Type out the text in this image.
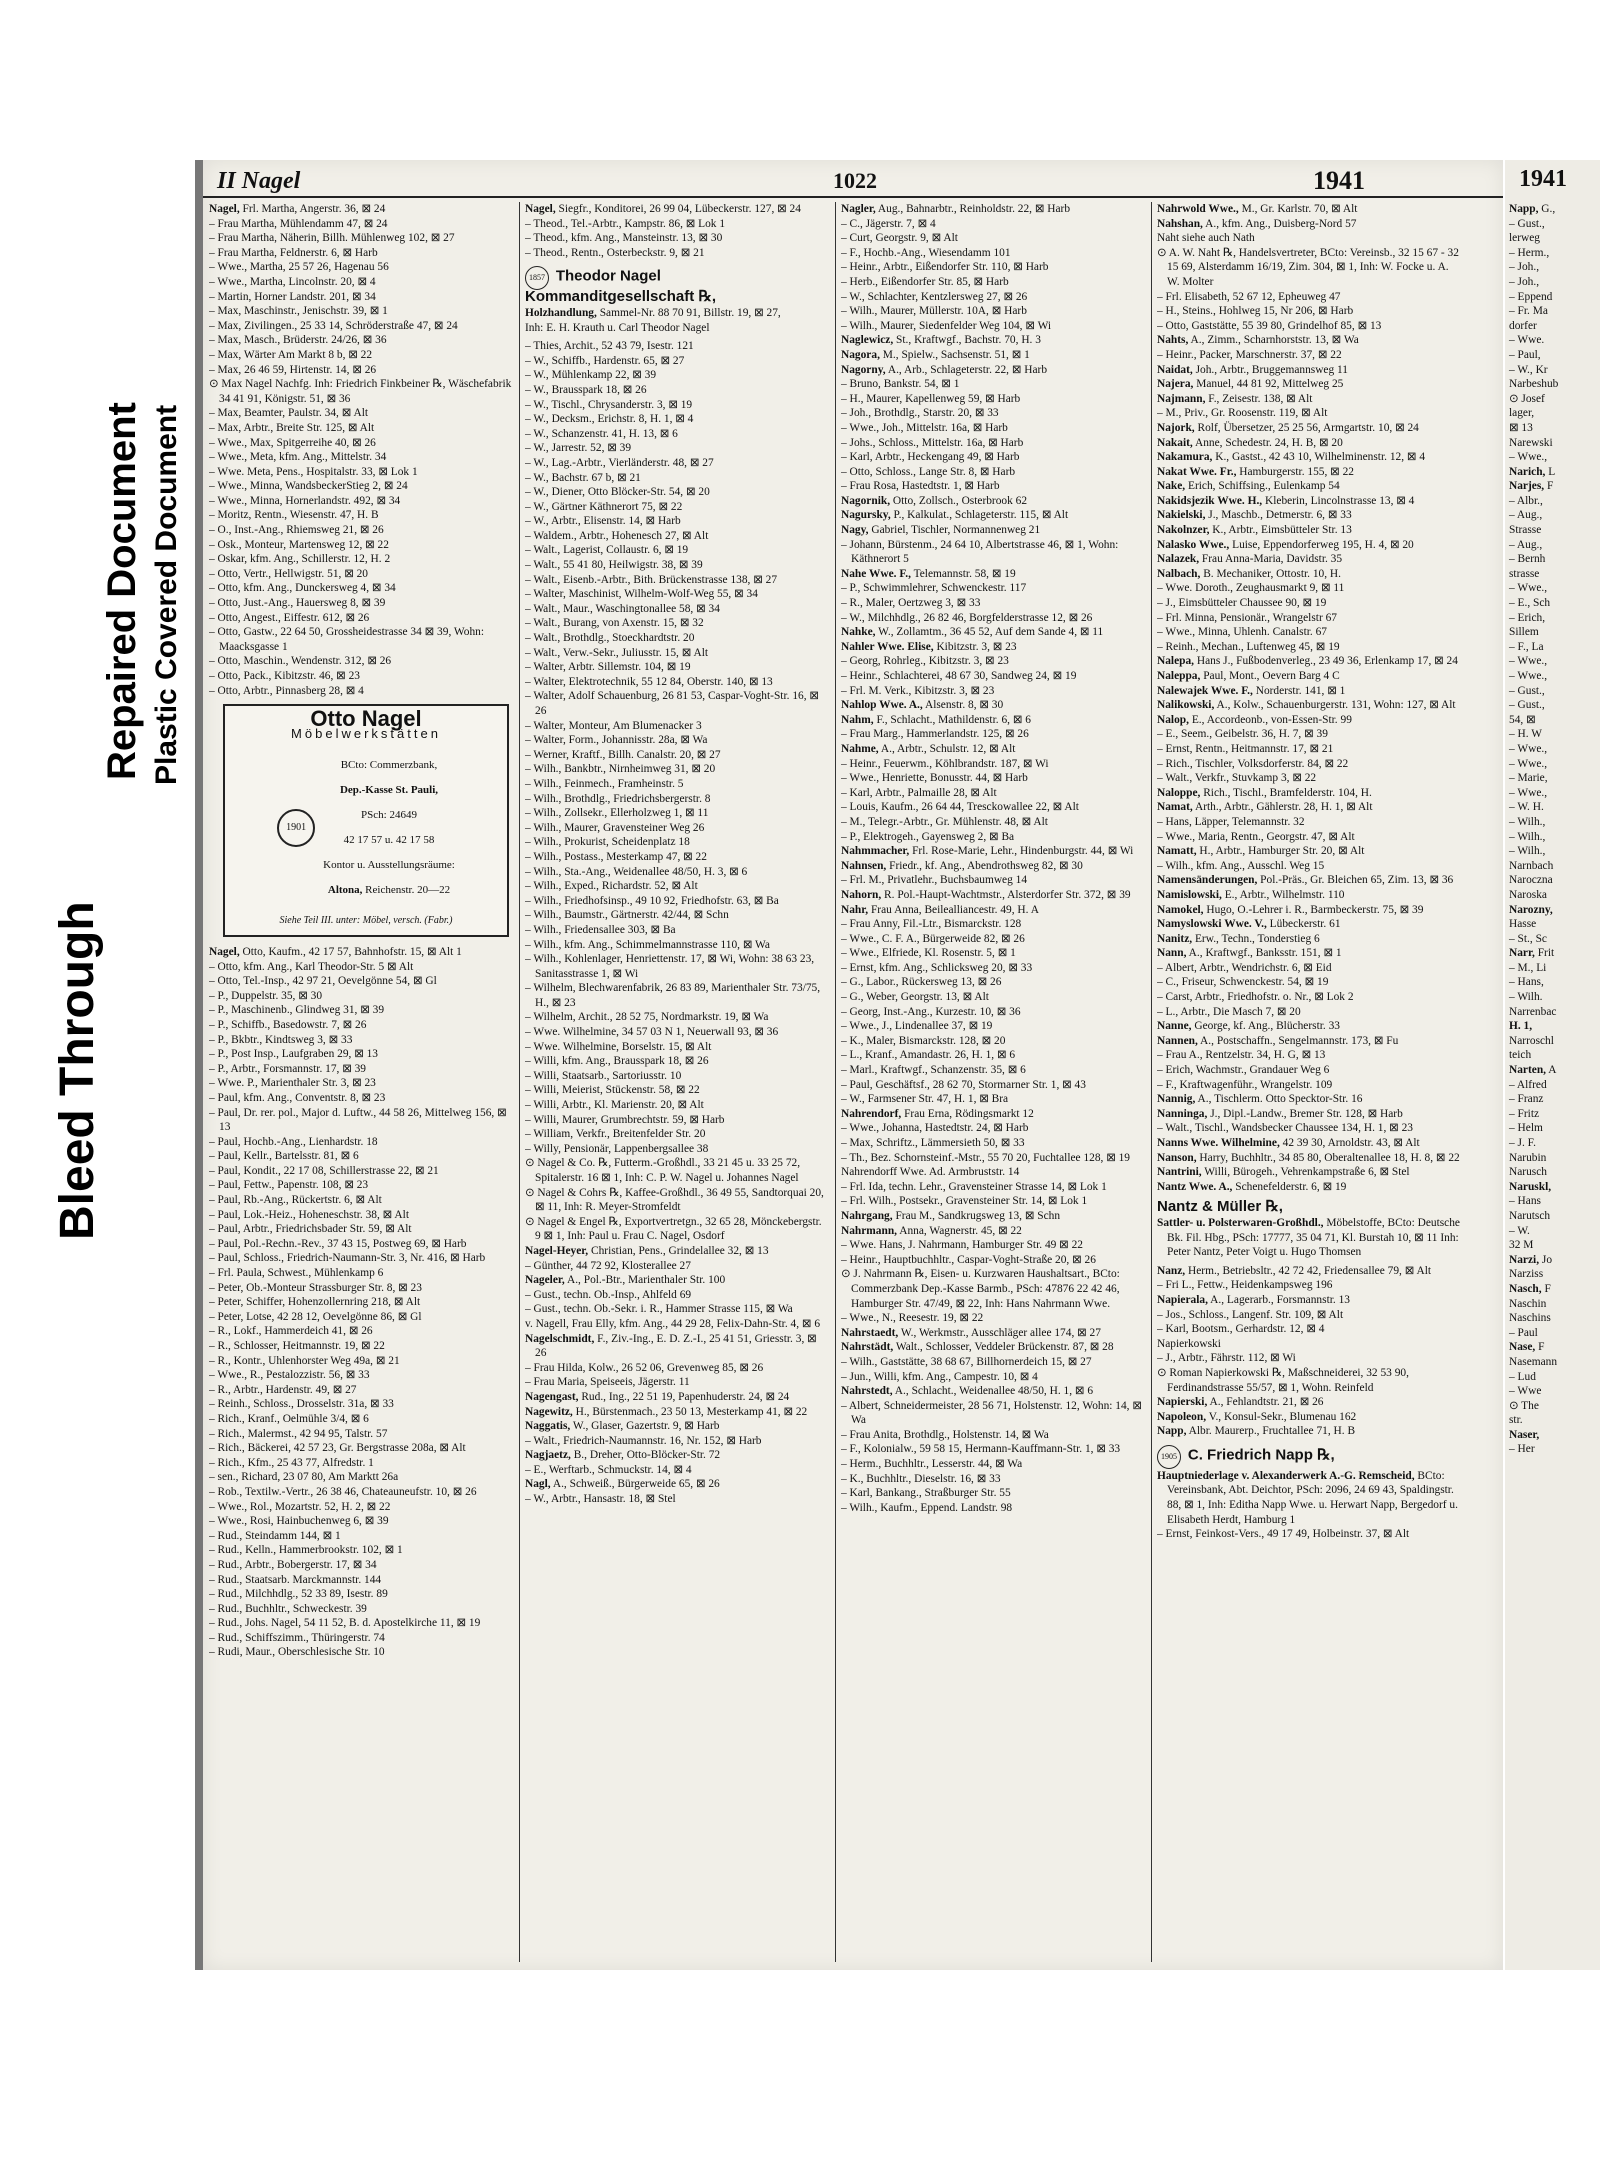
Bleed Through
Repaired Document Plastic Covered Document
II Nagel	1022	1941

Nagel, Frl. Martha, Angerstr. 36, ⊠ 24

– Frau Martha, Mühlendamm 47, ⊠ 24

– Frau Martha, Näherin, Billh. Mühlenweg 102, ⊠ 27

– Frau Martha, Feldnerstr. 6, ⊠ Harb

– Wwe., Martha, 25 57 26, Hagenau 56

– Wwe., Martha, Lincolnstr. 20, ⊠ 4

– Martin, Horner Landstr. 201, ⊠ 34

– Max, Maschinstr., Jenischstr. 39, ⊠ 1

– Max, Zivilingen., 25 33 14, Schröderstraße 47, ⊠ 24

– Max, Masch., Brüderstr. 24/26, ⊠ 36

– Max, Wärter Am Markt 8 b, ⊠ 22

– Max, 26 46 59, Hirtenstr. 14, ⊠ 26

⊙ Max Nagel Nachfg. Inh: Friedrich Finkbeiner ℞, Wäschefabrik 34 41 91, Königstr. 51, ⊠ 36

– Max, Beamter, Paulstr. 34, ⊠ Alt

– Max, Arbtr., Breite Str. 125, ⊠ Alt

– Wwe., Max, Spitgerreihe 40, ⊠ 26

– Wwe., Meta, kfm. Ang., Mittelstr. 34

– Wwe. Meta, Pens., Hospitalstr. 33, ⊠ Lok 1

– Wwe., Minna, WandsbeckerStieg 2, ⊠ 24

– Wwe., Minna, Hornerlandstr. 492, ⊠ 34

– Moritz, Rentn., Wiesenstr. 47, H. B

– O., Inst.-Ang., Rhiemsweg 21, ⊠ 26

– Osk., Monteur, Martensweg 12, ⊠ 22

– Oskar, kfm. Ang., Schillerstr. 12, H. 2

– Otto, Vertr., Hellwigstr. 51, ⊠ 20

– Otto, kfm. Ang., Dunckersweg 4, ⊠ 34

– Otto, Just.-Ang., Hauersweg 8, ⊠ 39

– Otto, Angest., Eiffestr. 612, ⊠ 26

– Otto, Gastw., 22 64 50, Grossheidestrasse 34 ⊠ 39, Wohn: Maacksgasse 1

– Otto, Maschin., Wendenstr. 312, ⊠ 26

– Otto, Pack., Kibitzstr. 46, ⊠ 23

– Otto, Arbtr., Pinnasberg 28, ⊠ 4

Otto Nagel
Möbelwerkstätten
1901

BCto: Commerzbank,

Dep.-Kasse St. Pauli,

PSch: 24649

42 17 57 u. 42 17 58

Kontor u. Ausstellungsräume:

Altona, Reichenstr. 20—22

Siehe Teil III. unter: Möbel, versch. (Fabr.)

Nagel, Otto, Kaufm., 42 17 57, Bahnhofstr. 15, ⊠ Alt 1

– Otto, kfm. Ang., Karl Theodor-Str. 5 ⊠ Alt

– Otto, Tel.-Insp., 42 97 21, Oevelgönne 54, ⊠ Gl

– P., Duppelstr. 35, ⊠ 30

– P., Maschinenb., Glindweg 31, ⊠ 39

– P., Schiffb., Basedowstr. 7, ⊠ 26

– P., Bkbtr., Kindtsweg 3, ⊠ 33

– P., Post Insp., Laufgraben 29, ⊠ 13

– P., Arbtr., Forsmannstr. 17, ⊠ 39

– Wwe. P., Marienthaler Str. 3, ⊠ 23

– Paul, kfm. Ang., Conventstr. 8, ⊠ 23

– Paul, Dr. rer. pol., Major d. Luftw., 44 58 26, Mittelweg 156, ⊠ 13

– Paul, Hochb.-Ang., Lienhardstr. 18

– Paul, Kellr., Bartelsstr. 81, ⊠ 6

– Paul, Kondit., 22 17 08, Schillerstrasse 22, ⊠ 21

– Paul, Fettw., Papenstr. 108, ⊠ 23

– Paul, Rb.-Ang., Rückertstr. 6, ⊠ Alt

– Paul, Lok.-Heiz., Hoheneschstr. 38, ⊠ Alt

– Paul, Arbtr., Friedrichsbader Str. 59, ⊠ Alt

– Paul, Pol.-Rechn.-Rev., 37 43 15, Postweg 69, ⊠ Harb

– Paul, Schloss., Friedrich-Naumann-Str. 3, Nr. 416, ⊠ Harb

– Frl. Paula, Schwest., Mühlenkamp 6

– Peter, Ob.-Monteur Strassburger Str. 8, ⊠ 23

– Peter, Schiffer, Hohenzollernring 218, ⊠ Alt

– Peter, Lotse, 42 28 12, Oevelgönne 86, ⊠ Gl

– R., Lokf., Hammerdeich 41, ⊠ 26

– R., Schlosser, Heitmannstr. 19, ⊠ 22

– R., Kontr., Uhlenhorster Weg 49a, ⊠ 21

– Wwe., R., Pestalozzistr. 56, ⊠ 33

– R., Arbtr., Hardenstr. 49, ⊠ 27

– Reinh., Schloss., Drosselstr. 31a, ⊠ 33

– Rich., Kranf., Oelmühle 3/4, ⊠ 6

– Rich., Malermst., 42 94 95, Talstr. 57

– Rich., Bäckerei, 42 57 23, Gr. Bergstrasse 208a, ⊠ Alt

– Rich., Kfm., 25 43 77, Alfredstr. 1

– sen., Richard, 23 07 80, Am Marktt 26a

– Rob., Textilw.-Vertr., 26 38 46, Chateauneufstr. 10, ⊠ 26

– Wwe., Rol., Mozartstr. 52, H. 2, ⊠ 22

– Wwe., Rosi, Hainbuchenweg 6, ⊠ 39

– Rud., Steindamm 144, ⊠ 1

– Rud., Kelln., Hammerbrookstr. 102, ⊠ 1

– Rud., Arbtr., Bobergerstr. 17, ⊠ 34

– Rud., Staatsarb. Marckmannstr. 144

– Rud., Milchhdlg., 52 33 89, Isestr. 89

– Rud., Buchhltr., Schweckestr. 39

– Rud., Johs. Nagel, 54 11 52, B. d. Apostelkirche 11, ⊠ 19

– Rud., Schiffszimm., Thüringerstr. 74

– Rudi, Maur., Oberschlesische Str. 10

Nagel, Siegfr., Konditorei, 26 99 04, Lübeckerstr. 127, ⊠ 24

– Theod., Tel.-Arbtr., Kampstr. 86, ⊠ Lok 1

– Theod., kfm. Ang., Mansteinstr. 13, ⊠ 30

– Theod., Rentn., Osterbeckstr. 9, ⊠ 21

1857 Theodor Nagel Kommanditgesellschaft ℞,

Holzhandlung, Sammel-Nr. 88 70 91, Billstr. 19, ⊠ 27,

Inh: E. H. Krauth u. Carl Theodor Nagel

– Thies, Archit., 52 43 79, Isestr. 121

– W., Schiffb., Hardenstr. 65, ⊠ 27

– W., Mühlenkamp 22, ⊠ 39

– W., Brausspark 18, ⊠ 26

– W., Tischl., Chrysanderstr. 3, ⊠ 19

– W., Decksm., Erichstr. 8, H. 1, ⊠ 4

– W., Schanzenstr. 41, H. 13, ⊠ 6

– W., Jarrestr. 52, ⊠ 39

– W., Lag.-Arbtr., Vierländerstr. 48, ⊠ 27

– W., Bachstr. 67 b, ⊠ 21

– W., Diener, Otto Blöcker-Str. 54, ⊠ 20

– W., Gärtner Käthnerort 75, ⊠ 22

– W., Arbtr., Elisenstr. 14, ⊠ Harb

– Waldem., Arbtr., Hohenesch 27, ⊠ Alt

– Walt., Lagerist, Collaustr. 6, ⊠ 19

– Walt., 55 41 80, Heilwigstr. 38, ⊠ 39

– Walt., Eisenb.-Arbtr., Bith. Brückenstrasse 138, ⊠ 27

– Walter, Maschinist, Wilhelm-Wolf-Weg 55, ⊠ 34

– Walt., Maur., Waschingtonallee 58, ⊠ 34

– Walt., Burang, von Axenstr. 15, ⊠ 32

– Walt., Brothdlg., Stoeckhardtstr. 20

– Walt., Verw.-Sekr., Juliusstr. 15, ⊠ Alt

– Walter, Arbtr. Sillemstr. 104, ⊠ 19

– Walter, Elektrotechnik, 55 12 84, Oberstr. 140, ⊠ 13

– Walter, Adolf Schauenburg, 26 81 53, Caspar-Voght-Str. 16, ⊠ 26

– Walter, Monteur, Am Blumenacker 3

– Walter, Form., Johannisstr. 28a, ⊠ Wa

– Werner, Kraftf., Billh. Canalstr. 20, ⊠ 27

– Wilh., Bankbtr., Nirnheimweg 31, ⊠ 20

– Wilh., Feinmech., Framheinstr. 5

– Wilh., Brothdlg., Friedrichsbergerstr. 8

– Wilh., Zollsekr., Ellerholzweg 1, ⊠ 11

– Wilh., Maurer, Gravensteiner Weg 26

– Wilh., Prokurist, Scheidenplatz 18

– Wilh., Postass., Mesterkamp 47, ⊠ 22

– Wilh., Sta.-Ang., Weidenallee 48/50, H. 3, ⊠ 6

– Wilh., Exped., Richardstr. 52, ⊠ Alt

– Wilh., Friedhofsinsp., 49 10 92, Friedhofstr. 63, ⊠ Ba

– Wilh., Baumstr., Gärtnerstr. 42/44, ⊠ Schn

– Wilh., Friedensallee 303, ⊠ Ba

– Wilh., kfm. Ang., Schimmelmannstrasse 110, ⊠ Wa

– Wilh., Kohlenlager, Henriettenstr. 17, ⊠ Wi, Wohn: 38 63 23, Sanitasstrasse 1, ⊠ Wi

– Wilhelm, Blechwarenfabrik, 26 83 89, Marienthaler Str. 73/75, H., ⊠ 23

– Wilhelm, Archit., 28 52 75, Nordmarkstr. 19, ⊠ Wa

– Wwe. Wilhelmine, 34 57 03 N 1, Neuerwall 93, ⊠ 36

– Wwe. Wilhelmine, Borselstr. 15, ⊠ Alt

– Willi, kfm. Ang., Brausspark 18, ⊠ 26

– Willi, Staatsarb., Sartoriusstr. 10

– Willi, Meierist, Stückenstr. 58, ⊠ 22

– Willi, Arbtr., Kl. Marienstr. 20, ⊠ Alt

– Willi, Maurer, Grumbrechtstr. 59, ⊠ Harb

– William, Verkfr., Breitenfelder Str. 20

– Willy, Pensionär, Lappenbergsallee 38

⊙ Nagel & Co. ℞, Futterm.-Großhdl., 33 21 45 u. 33 25 72, Spitalerstr. 16 ⊠ 1, Inh: C. P. W. Nagel u. Johannes Nagel

⊙ Nagel & Cohrs ℞, Kaffee-Großhdl., 36 49 55, Sandtorquai 20, ⊠ 11, Inh: R. Meyer-Stromfeldt

⊙ Nagel & Engel ℞, Exportvertretgn., 32 65 28, Mönckebergstr. 9 ⊠ 1, Inh: Paul u. Frau C. Nagel, Osdorf

Nagel-Heyer, Christian, Pens., Grindelallee 32, ⊠ 13

– Günther, 44 72 92, Klosterallee 27

Nageler, A., Pol.-Btr., Marienthaler Str. 100

– Gust., techn. Ob.-Insp., Ahlfeld 69

– Gust., techn. Ob.-Sekr. i. R., Hammer Strasse 115, ⊠ Wa

v. Nagell, Frau Elly, kfm. Ang., 44 29 28, Felix-Dahn-Str. 4, ⊠ 6

Nagelschmidt, F., Ziv.-Ing., E. D. Z.-I., 25 41 51, Griesstr. 3, ⊠ 26

– Frau Hilda, Kolw., 26 52 06, Grevenweg 85, ⊠ 26

– Frau Maria, Speiseeis, Jägerstr. 11

Nagengast, Rud., Ing., 22 51 19, Papenhuderstr. 24, ⊠ 24

Nagewitz, H., Bürstenmach., 23 50 13, Mesterkamp 41, ⊠ 22

Naggatis, W., Glaser, Gazertstr. 9, ⊠ Harb

– Walt., Friedrich-Naumannstr. 16, Nr. 152, ⊠ Harb

Nagjaetz, B., Dreher, Otto-Blöcker-Str. 72

– E., Werftarb., Schmuckstr. 14, ⊠ 4

Nagl, A., Schweiß., Bürgerweide 65, ⊠ 26

– W., Arbtr., Hansastr. 18, ⊠ Stel

Nagler, Aug., Bahnarbtr., Reinholdstr. 22, ⊠ Harb

– C., Jägerstr. 7, ⊠ 4

– Curt, Georgstr. 9, ⊠ Alt

– F., Hochb.-Ang., Wiesendamm 101

– Heinr., Arbtr., Eißendorfer Str. 110, ⊠ Harb

– Herb., Eißendorfer Str. 85, ⊠ Harb

– W., Schlachter, Kentzlersweg 27, ⊠ 26

– Wilh., Maurer, Müllerstr. 10A, ⊠ Harb

– Wilh., Maurer, Siedenfelder Weg 104, ⊠ Wi

Naglewicz, St., Kraftwgf., Bachstr. 70, H. 3

Nagora, M., Spielw., Sachsenstr. 51, ⊠ 1

Nagorny, A., Arb., Schlageterstr. 22, ⊠ Harb

– Bruno, Bankstr. 54, ⊠ 1

– H., Maurer, Kapellenweg 59, ⊠ Harb

– Joh., Brothdlg., Starstr. 20, ⊠ 33

– Wwe., Joh., Mittelstr. 16a, ⊠ Harb

– Johs., Schloss., Mittelstr. 16a, ⊠ Harb

– Karl, Arbtr., Heckengang 49, ⊠ Harb

– Otto, Schloss., Lange Str. 8, ⊠ Harb

– Frau Rosa, Hastedtstr. 1, ⊠ Harb

Nagornik, Otto, Zollsch., Osterbrook 62

Nagursky, P., Kalkulat., Schlageterstr. 115, ⊠ Alt

Nagy, Gabriel, Tischler, Normannenweg 21

– Johann, Bürstenm., 24 64 10, Albertstrasse 46, ⊠ 1, Wohn: Käthnerort 5

Nahe Wwe. F., Telemannstr. 58, ⊠ 19

– P., Schwimmlehrer, Schwenckestr. 117

– R., Maler, Oertzweg 3, ⊠ 33

– W., Milchhdlg., 26 82 46, Borgfelderstrasse 12, ⊠ 26

Nahke, W., Zollamtm., 36 45 52, Auf dem Sande 4, ⊠ 11

Nahler Wwe. Elise, Kibitzstr. 3, ⊠ 23

– Georg, Rohrleg., Kibitzstr. 3, ⊠ 23

– Heinr., Schlachterei, 48 67 30, Sandweg 24, ⊠ 19

– Frl. M. Verk., Kibitzstr. 3, ⊠ 23

Nahlop Wwe. A., Alsenstr. 8, ⊠ 30

Nahm, F., Schlacht., Mathildenstr. 6, ⊠ 6

– Frau Marg., Hammerlandstr. 125, ⊠ 26

Nahme, A., Arbtr., Schulstr. 12, ⊠ Alt

– Heinr., Feuerwm., Köhlbrandstr. 187, ⊠ Wi

– Wwe., Henriette, Bonusstr. 44, ⊠ Harb

– Karl, Arbtr., Palmaille 28, ⊠ Alt

– Louis, Kaufm., 26 64 44, Tresckowallee 22, ⊠ Alt

– M., Telegr.-Arbtr., Gr. Mühlenstr. 48, ⊠ Alt

– P., Elektrogeh., Gayensweg 2, ⊠ Ba

Nahmmacher, Frl. Rose-Marie, Lehr., Hindenburgstr. 44, ⊠ Wi

Nahnsen, Friedr., kf. Ang., Abendrothsweg 82, ⊠ 30

– Frl. M., Privatlehr., Buchsbaumweg 14

Nahorn, R. Pol.-Haupt-Wachtmstr., Alsterdorfer Str. 372, ⊠ 39

Nahr, Frau Anna, Beilealliancestr. 49, H. A

– Frau Anny, Fil.-Ltr., Bismarckstr. 128

– Wwe., C. F. A., Bürgerweide 82, ⊠ 26

– Wwe., Elfriede, Kl. Rosenstr. 5, ⊠ 1

– Ernst, kfm. Ang., Schlicksweg 20, ⊠ 33

– G., Labor., Rückersweg 13, ⊠ 26

– G., Weber, Georgstr. 13, ⊠ Alt

– Georg, Inst.-Ang., Kurzestr. 10, ⊠ 36

– Wwe., J., Lindenallee 37, ⊠ 19

– K., Maler, Bismarckstr. 128, ⊠ 20

– L., Kranf., Amandastr. 26, H. 1, ⊠ 6

– Marl., Kraftwgf., Schanzenstr. 35, ⊠ 6

– Paul, Geschäftsf., 28 62 70, Stormarner Str. 1, ⊠ 43

– W., Farmsener Str. 47, H. 1, ⊠ Bra

Nahrendorf, Frau Erna, Rödingsmarkt 12

– Wwe., Johanna, Hastedtstr. 24, ⊠ Harb

– Max, Schriftz., Lämmersieth 50, ⊠ 33

– Th., Bez. Schornsteinf.-Mstr., 55 70 20, Fuchtallee 128, ⊠ 19

Nahrendorff Wwe. Ad. Armbruststr. 14

– Frl. Ida, techn. Lehr., Gravensteiner Strasse 14, ⊠ Lok 1

– Frl. Wilh., Postsekr., Gravensteiner Str. 14, ⊠ Lok 1

Nahrgang, Frau M., Sandkrugsweg 13, ⊠ Schn

Nahrmann, Anna, Wagnerstr. 45, ⊠ 22

– Wwe. Hans, J. Nahrmann, Hamburger Str. 49 ⊠ 22

– Heinr., Hauptbuchhltr., Caspar-Voght-Straße 20, ⊠ 26

⊙ J. Nahrmann ℞, Eisen- u. Kurzwaren Haushaltsart., BCto: Commerzbank Dep.-Kasse Barmb., PSch: 47876 22 42 46, Hamburger Str. 47/49, ⊠ 22, Inh: Hans Nahrmann Wwe.

– Wwe., N., Reesestr. 19, ⊠ 22

Nahrstaedt, W., Werkmstr., Ausschläger allee 174, ⊠ 27

Nahrstädt, Walt., Schlosser, Veddeler Brückenstr. 87, ⊠ 28

– Wilh., Gaststätte, 38 68 67, Billhornerdeich 15, ⊠ 27

– Jun., Willi, kfm. Ang., Campestr. 10, ⊠ 4

Nahrstedt, A., Schlacht., Weidenallee 48/50, H. 1, ⊠ 6

– Albert, Schneidermeister, 28 56 71, Holstenstr. 12, Wohn: 14, ⊠ Wa

– Frau Anita, Brothdlg., Holstenstr. 14, ⊠ Wa

– F., Kolonialw., 59 58 15, Hermann-Kauffmann-Str. 1, ⊠ 33

– Herm., Buchhltr., Lesserstr. 44, ⊠ Wa

– K., Buchhltr., Dieselstr. 16, ⊠ 33

– Karl, Bankang., Straßburger Str. 55

– Wilh., Kaufm., Eppend. Landstr. 98

Nahrwold Wwe., M., Gr. Karlstr. 70, ⊠ Alt

Nahshan, A., kfm. Ang., Duisberg-Nord 57

Naht siehe auch Nath

⊙ A. W. Naht ℞, Handelsvertreter, BCto: Vereinsb., 32 15 67 - 32 15 69, Alsterdamm 16/19, Zim. 304, ⊠ 1, Inh: W. Focke u. A. W. Molter

– Frl. Elisabeth, 52 67 12, Epheuweg 47

– H., Steins., Hohlweg 15, Nr 206, ⊠ Harb

– Otto, Gaststätte, 55 39 80, Grindelhof 85, ⊠ 13

Nahts, A., Zimm., Scharnhorststr. 13, ⊠ Wa

– Heinr., Packer, Marschnerstr. 37, ⊠ 22

Naidat, Joh., Arbtr., Bruggemannsweg 11

Najera, Manuel, 44 81 92, Mittelweg 25

Najmann, F., Zeisestr. 138, ⊠ Alt

– M., Priv., Gr. Roosenstr. 119, ⊠ Alt

Najork, Rolf, Übersetzer, 25 25 56, Armgartstr. 10, ⊠ 24

Nakait, Anne, Schedestr. 24, H. B, ⊠ 20

Nakamura, K., Gastst., 42 43 10, Wilhelminenstr. 12, ⊠ 4

Nakat Wwe. Fr., Hamburgerstr. 155, ⊠ 22

Nake, Erich, Schiffsing., Eulenkamp 54

Nakidsjezik Wwe. H., Kleberin, Lincolnstrasse 13, ⊠ 4

Nakielski, J., Maschb., Detmerstr. 6, ⊠ 33

Nakolnzer, K., Arbtr., Eimsbütteler Str. 13

Nalasko Wwe., Luise, Eppendorferweg 195, H. 4, ⊠ 20

Nalazek, Frau Anna-Maria, Davidstr. 35

Nalbach, B. Mechaniker, Ottostr. 10, H.

– Wwe. Doroth., Zeughausmarkt 9, ⊠ 11

– J., Eimsbütteler Chaussee 90, ⊠ 19

– Frl. Minna, Pensionär., Wrangelstr 67

– Wwe., Minna, Uhlenh. Canalstr. 67

– Reinh., Mechan., Luftenweg 45, ⊠ 19

Nalepa, Hans J., Fußbodenverleg., 23 49 36, Erlenkamp 17, ⊠ 24

Naleppa, Paul, Mont., Oevern Barg 4 C

Nalewajek Wwe. F., Norderstr. 141, ⊠ 1

Nalikowski, A., Kolw., Schauenburgerstr. 131, Wohn: 127, ⊠ Alt

Nalop, E., Accordeonb., von-Essen-Str. 99

– E., Seem., Geibelstr. 36, H. 7, ⊠ 39

– Ernst, Rentn., Heitmannstr. 17, ⊠ 21

– Rich., Tischler, Volksdorferstr. 84, ⊠ 22

– Walt., Verkfr., Stuvkamp 3, ⊠ 22

Naloppe, Rich., Tischl., Bramfelderstr. 104, H.

Namat, Arth., Arbtr., Gählerstr. 28, H. 1, ⊠ Alt

– Hans, Läpper, Telemannstr. 32

– Wwe., Maria, Rentn., Georgstr. 47, ⊠ Alt

Namatt, H., Arbtr., Hamburger Str. 20, ⊠ Alt

– Wilh., kfm. Ang., Ausschl. Weg 15

Namensänderungen, Pol.-Präs., Gr. Bleichen 65, Zim. 13, ⊠ 36

Namislowski, E., Arbtr., Wilhelmstr. 110

Namokel, Hugo, O.-Lehrer i. R., Barmbeckerstr. 75, ⊠ 39

Namyslowski Wwe. V., Lübeckerstr. 61

Nanitz, Erw., Techn., Tonderstieg 6

Nann, A., Kraftwgf., Banksstr. 151, ⊠ 1

– Albert, Arbtr., Wendrichstr. 6, ⊠ Eid

– C., Friseur, Schwenckestr. 54, ⊠ 19

– Carst, Arbtr., Friedhofstr. o. Nr., ⊠ Lok 2

– L., Arbtr., Die Masch 7, ⊠ 20

Nanne, George, kf. Ang., Blücherstr. 33

Nannen, A., Postschaffn., Sengelmannstr. 173, ⊠ Fu

– Frau A., Rentzelstr. 34, H. G, ⊠ 13

– Erich, Wachmstr., Grandauer Weg 6

– F., Kraftwagenführ., Wrangelstr. 109

Nannig, A., Tischlerm. Otto Specktor-Str. 16

Nanninga, J., Dipl.-Landw., Bremer Str. 128, ⊠ Harb

– Walt., Tischl., Wandsbecker Chaussee 134, H. 1, ⊠ 23

Nanns Wwe. Wilhelmine, 42 39 30, Arnoldstr. 43, ⊠ Alt

Nanson, Harry, Buchhltr., 34 85 80, Oberaltenallee 18, H. 8, ⊠ 22

Nantrini, Willi, Bürogeh., Vehrenkampstraße 6, ⊠ Stel

Nantz Wwe. A., Schenefelderstr. 6, ⊠ 19

Nantz & Müller ℞,

Sattler- u. Polsterwaren-Großhdl., Möbelstoffe, BCto: Deutsche Bk. Fil. Hbg., PSch: 17777, 35 04 71, Kl. Burstah 10, ⊠ 11 Inh: Peter Nantz, Peter Voigt u. Hugo Thomsen

Nanz, Herm., Betriebsltr., 42 72 42, Friedensallee 79, ⊠ Alt

– Fri L., Fettw., Heidenkampsweg 196

Napierala, A., Lagerarb., Forsmannstr. 13

– Jos., Schloss., Langenf. Str. 109, ⊠ Alt

– Karl, Bootsm., Gerhardstr. 12, ⊠ 4

Napierkowski

– J., Arbtr., Fährstr. 112, ⊠ Wi

⊙ Roman Napierkowski ℞, Maßschneiderei, 32 53 90, Ferdinandstrasse 55/57, ⊠ 1, Wohn. Reinfeld

Napierski, A., Fehlandtstr. 21, ⊠ 26

Napoleon, V., Konsul-Sekr., Blumenau 162

Napp, Albr. Maurerp., Fruchtallee 71, H. B

1905 C. Friedrich Napp ℞,

Hauptniederlage v. Alexanderwerk A.-G. Remscheid, BCto: Vereinsbank, Abt. Deichtor, PSch: 2096, 24 69 43, Spaldingstr. 88, ⊠ 1, Inh: Editha Napp Wwe. u. Herwart Napp, Bergedorf u. Elisabeth Herdt, Hamburg 1

– Ernst, Feinkost-Vers., 49 17 49, Holbeinstr. 37, ⊠ Alt

1941

Napp, G.,

– Gust.,

lerweg

– Herm.,

– Joh.,

– Joh.,

– Eppend

– Fr. Ma

dorfer

– Wwe.

– Paul,

– W., Kr

Narbeshub

⊙ Josef

lager,

⊠ 13

Narewski

– Wwe.,

Narich, L

Narjes, F

– Albr.,

– Aug.,

Strasse

– Aug.,

– Bernh

strasse

– Wwe.,

– E., Sch

– Erich,

Sillem

– F., La

– Wwe.,

– Wwe.,

– Gust.,

– Gust.,

54, ⊠

– H. W

– Wwe.,

– Wwe.,

– Marie,

– Wwe.,

– W. H.

– Wilh.,

– Wilh.,

– Wilh.,

Narnbach

Naroczna

Naroska

Narozny,

Hasse

– St., Sc

Narr, Frit

– M., Li

– Hans,

– Wilh.

Narrenbac

H. 1,

Narroschl

teich

Narten, A

– Alfred

– Franz

– Fritz

– Helm

– J. F.

Narubin

Narusch

Naruskl,

– Hans

Narutsch

– W.

32 M

Narzi, Jo

Narziss

Nasch, F

Naschin

Naschins

– Paul

Nase, F

Nasemann

– Lud

– Wwe

⊙ The

str.

Naser,

– Her
